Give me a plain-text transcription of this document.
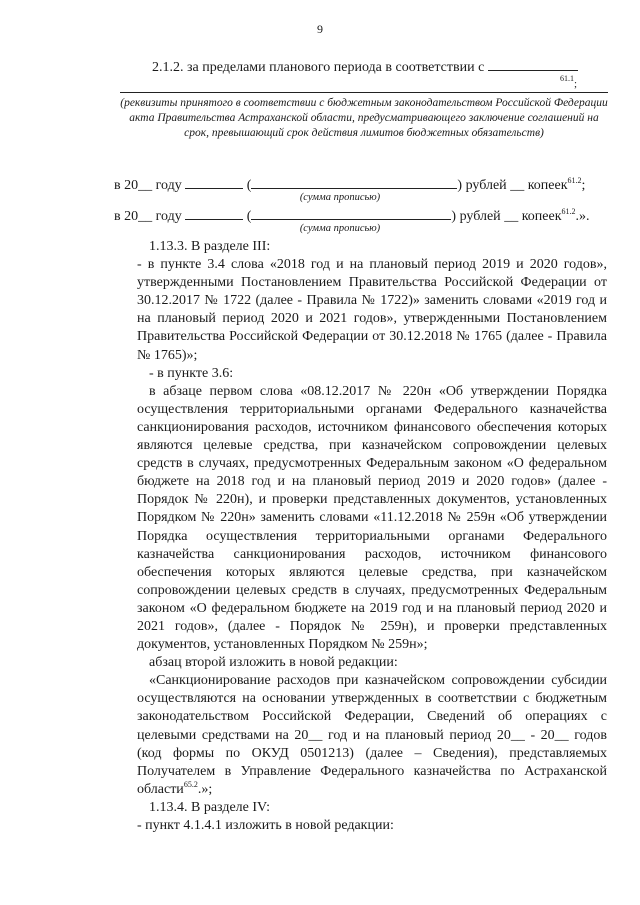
9
2.1.2. за пределами планового периода в соответствии с
$^{61.1}$;
(реквизиты принятого в соответствии с бюджетным законодательством Российской Федерации акта Правительства Астраханской области, предусматривающего заключение соглашений на срок, превышающий срок действия лимитов бюджетных обязательств)
в 20__ году	(	) рублей __ копеек$^{61.2}$;
(сумма прописью)
в 20__ году	(	) рублей __ копеек$^{61.2}$.».
(сумма прописью)

1.13.3. В разделе III:

- в пункте 3.4 слова «2018 год и на плановый период 2019 и 2020 годов», утвержденными Постановлением Правительства Российской Федерации от 30.12.2017 № 1722 (далее - Правила № 1722)» заменить словами «2019 год и на плановый период 2020 и 2021 годов», утвержденными Постановлением Правительства Российской Федерации от 30.12.2018 № 1765 (далее - Правила № 1765)»;

- в пункте 3.6:

в абзаце первом слова «08.12.2017 № 220н «Об утверждении Порядка осуществления территориальными органами Федерального казначейства санкционирования расходов, источником финансового обеспечения которых являются целевые средства, при казначейском сопровождении целевых средств в случаях, предусмотренных Федеральным законом «О федеральном бюджете на 2018 год и на плановый период 2019 и 2020 годов» (далее - Порядок № 220н), и проверки представленных документов, установленных Порядком № 220н» заменить словами «11.12.2018 № 259н «Об утверждении Порядка осуществления территориальными органами Федерального казначейства санкционирования расходов, источником финансового обеспечения которых являются целевые средства, при казначейском сопровождении целевых средств в случаях, предусмотренных Федеральным законом «О федеральном бюджете на 2019 год и на плановый период 2020 и 2021 годов», (далее - Порядок № 259н), и проверки представленных документов, установленных Порядком № 259н»;

абзац второй изложить в новой редакции:

«Санкционирование расходов при казначейском сопровождении субсидии осуществляются на основании утвержденных в соответствии с бюджетным законодательством Российской Федерации, Сведений об операциях с целевыми средствами на 20__ год и на плановый период 20__ - 20__ годов (код формы по ОКУД 0501213) (далее – Сведения), представляемых Получателем в Управление Федерального казначейства по Астраханской области$^{65.2}$.»;

1.13.4. В разделе IV:

- пункт 4.1.4.1 изложить в новой редакции:
